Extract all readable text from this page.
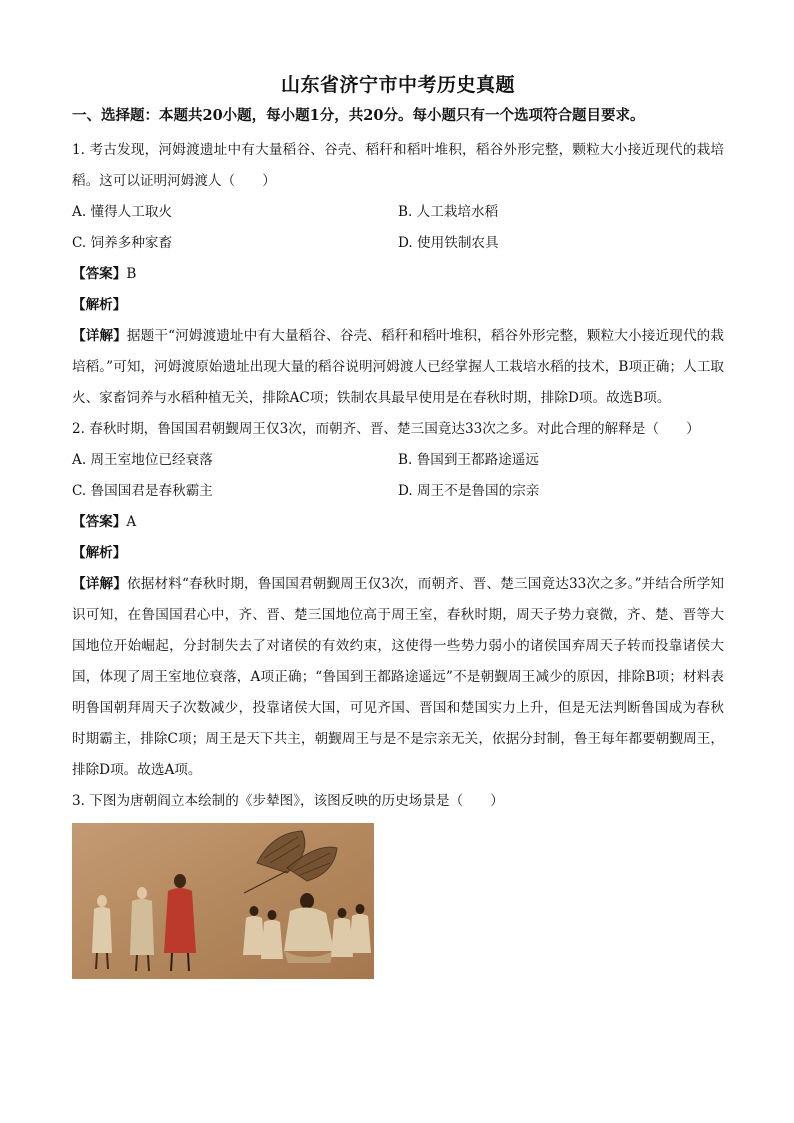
山东省济宁市中考历史真题
一、选择题：本题共20小题，每小题1分，共20分。每小题只有一个选项符合题目要求。

1. 考古发现，河姆渡遗址中有大量稻谷、谷壳、稻秆和稻叶堆积，稻谷外形完整，颗粒大小接近现代的栽培稻。这可以证明河姆渡人（　　）

A. 懂得人工取火	B. 人工栽培水稻
C. 饲养多种家畜	D. 使用铁制农具

【答案】B

【解析】

【详解】据题干“河姆渡遗址中有大量稻谷、谷壳、稻秆和稻叶堆积，稻谷外形完整，颗粒大小接近现代的栽培稻。”可知，河姆渡原始遗址出现大量的稻谷说明河姆渡人已经掌握人工栽培水稻的技术，B项正确；人工取火、家畜饲养与水稻种植无关，排除AC项；铁制农具最早使用是在春秋时期，排除D项。故选B项。

2. 春秋时期，鲁国国君朝觐周王仅3次，而朝齐、晋、楚三国竟达33次之多。对此合理的解释是（　　）

A. 周王室地位已经衰落	B. 鲁国到王都路途遥远
C. 鲁国国君是春秋霸主	D. 周王不是鲁国的宗亲

【答案】A

【解析】

【详解】依据材料“春秋时期，鲁国国君朝觐周王仅3次，而朝齐、晋、楚三国竟达33次之多。”并结合所学知识可知，在鲁国国君心中，齐、晋、楚三国地位高于周王室，春秋时期，周天子势力衰微，齐、楚、晋等大国地位开始崛起，分封制失去了对诸侯的有效约束，这使得一些势力弱小的诸侯国弃周天子转而投靠诸侯大国，体现了周王室地位衰落，A项正确；“鲁国到王都路途遥远”不是朝觐周王减少的原因，排除B项；材料表明鲁国朝拜周天子次数减少，投靠诸侯大国，可见齐国、晋国和楚国实力上升，但是无法判断鲁国成为春秋时期霸主，排除C项；周王是天下共主，朝觐周王与是不是宗亲无关，依据分封制，鲁王每年都要朝觐周王，排除D项。故选A项。

3. 下图为唐朝阎立本绘制的《步辇图》，该图反映的历史场景是（　　）
